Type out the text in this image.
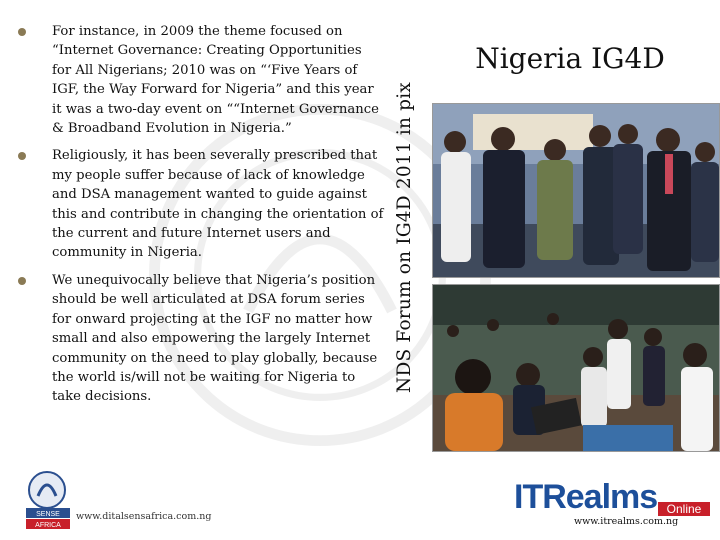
For instance, in 2009 the theme focused on “Internet Governance: Creating Opportunities for All Nigerians; 2010 was on “‘Five Years of IGF, the Way Forward for Nigeria” and this year it was a two-day event on ““Internet Governance & Broadband Evolution in Nigeria.”
Religiously, it has been severally prescribed that my people suffer because of lack of knowledge and DSA management wanted to guide against this and contribute in changing the orientation of the current and future Internet users and community in Nigeria.
We unequivocally believe that Nigeria’s position should be well articulated at DSA forum series for onward projecting at the IGF no matter how small and also empowering the largely Internet community on the need to play globally, because the world is/will not be waiting for Nigeria to take decisions.
NDS Forum on IG4D 2011 in pix
Nigeria IG4D
SENSE
AFRICA
www.ditalsensafrica.com.ng
ITRealms Online
www.itrealms.com.ng
